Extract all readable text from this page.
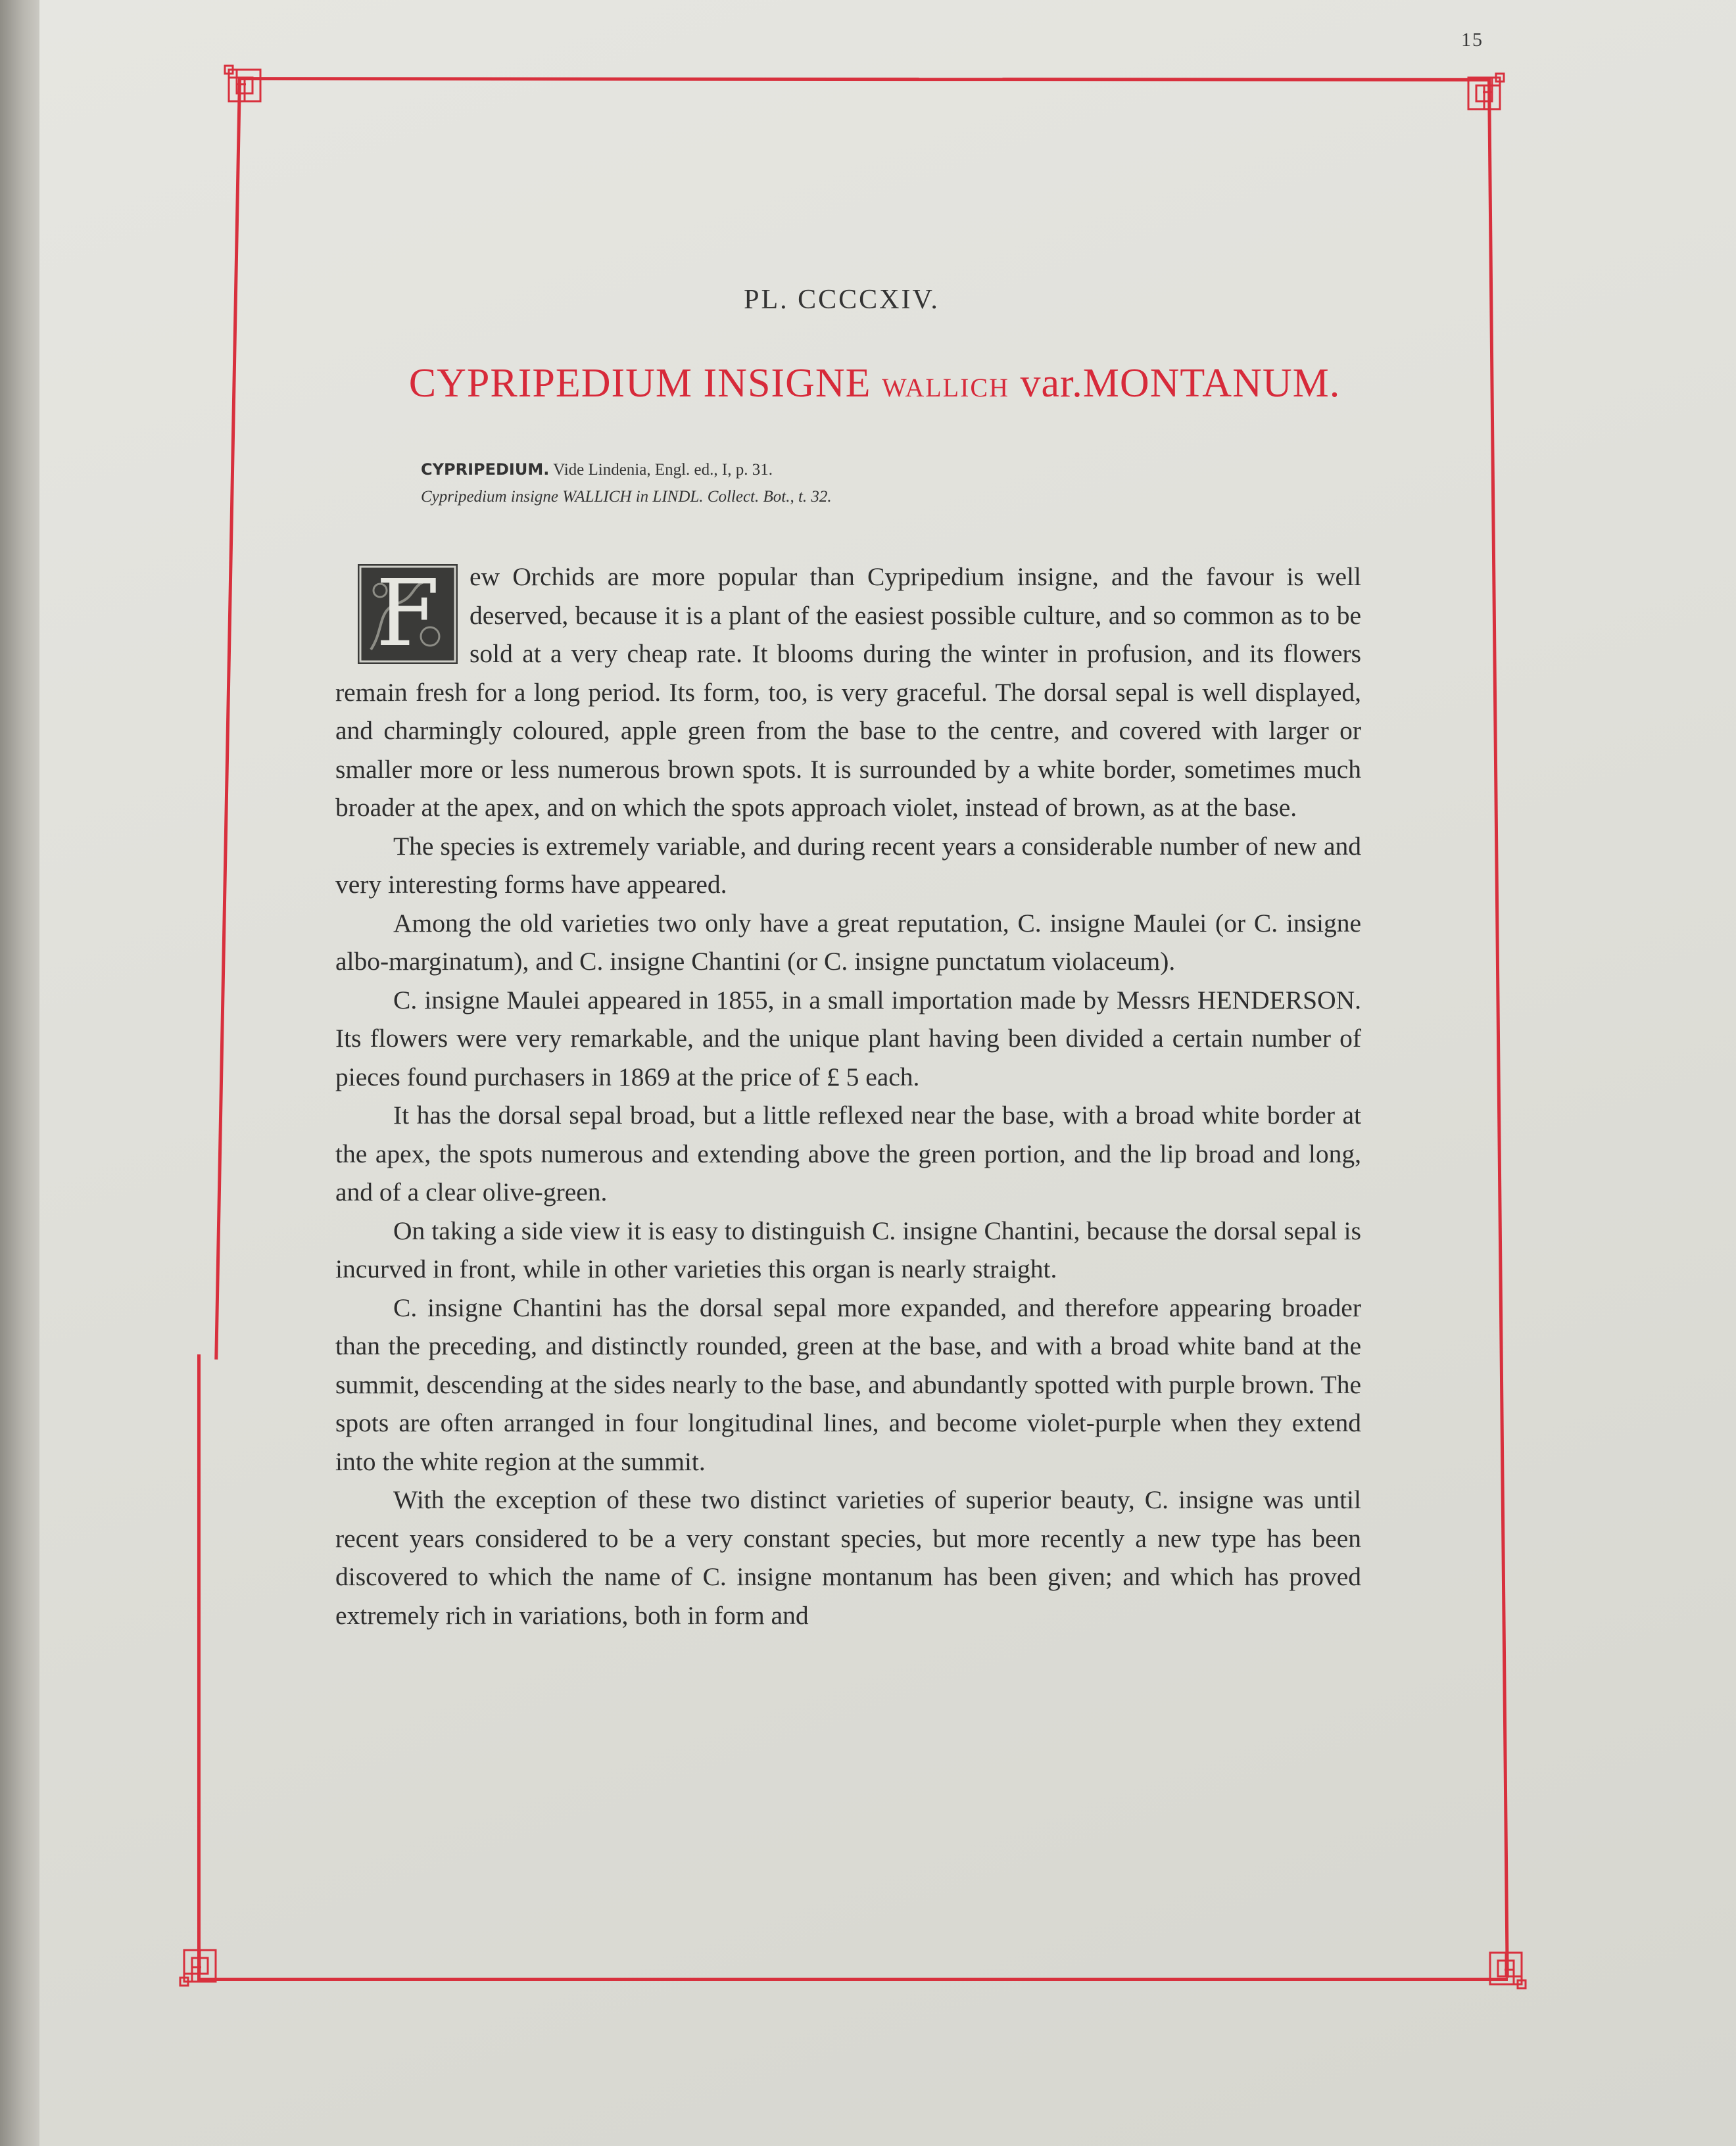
15
PL. CCCCXIV.
CYPRIPEDIUM INSIGNE WALLICH var.MONTANUM.
CYPRIPEDIUM. Vide Lindenia, Engl. ed., I, p. 31.
Cypripedium insigne WALLICH in LINDL. Collect. Bot., t. 32.

F	ew Orchids are more popular than Cypripedium insigne, and the favour is well deserved, because it is a plant of the easiest possible culture, and so common as to be sold at a very cheap rate. It blooms during the winter in profusion, and its flowers remain fresh for a long period. Its form, too, is very graceful. The dorsal sepal is well displayed, and charmingly coloured, apple green from the base to the centre, and covered with larger or smaller more or less numerous brown spots. It is surrounded by a white border, sometimes much broader at the apex, and on which the spots approach violet, instead of brown, as at the base.

The species is extremely variable, and during recent years a considerable number of new and very interesting forms have appeared.

Among the old varieties two only have a great reputation, C. insigne Maulei (or C. insigne albo-marginatum), and C. insigne Chantini (or C. insigne punctatum violaceum).

C. insigne Maulei appeared in 1855, in a small importation made by Messrs HENDERSON. Its flowers were very remarkable, and the unique plant having been divided a certain number of pieces found purchasers in 1869 at the price of £ 5 each.

It has the dorsal sepal broad, but a little reflexed near the base, with a broad white border at the apex, the spots numerous and extending above the green portion, and the lip broad and long, and of a clear olive-green.

On taking a side view it is easy to distinguish C. insigne Chantini, because the dorsal sepal is incurved in front, while in other varieties this organ is nearly straight.

C. insigne Chantini has the dorsal sepal more expanded, and therefore appearing broader than the preceding, and distinctly rounded, green at the base, and with a broad white band at the summit, descending at the sides nearly to the base, and abundantly spotted with purple brown. The spots are often arranged in four longitudinal lines, and become violet-purple when they extend into the white region at the summit.

With the exception of these two distinct varieties of superior beauty, C. insigne was until recent years considered to be a very constant species, but more recently a new type has been discovered to which the name of C. insigne montanum has been given; and which has proved extremely rich in variations, both in form and
